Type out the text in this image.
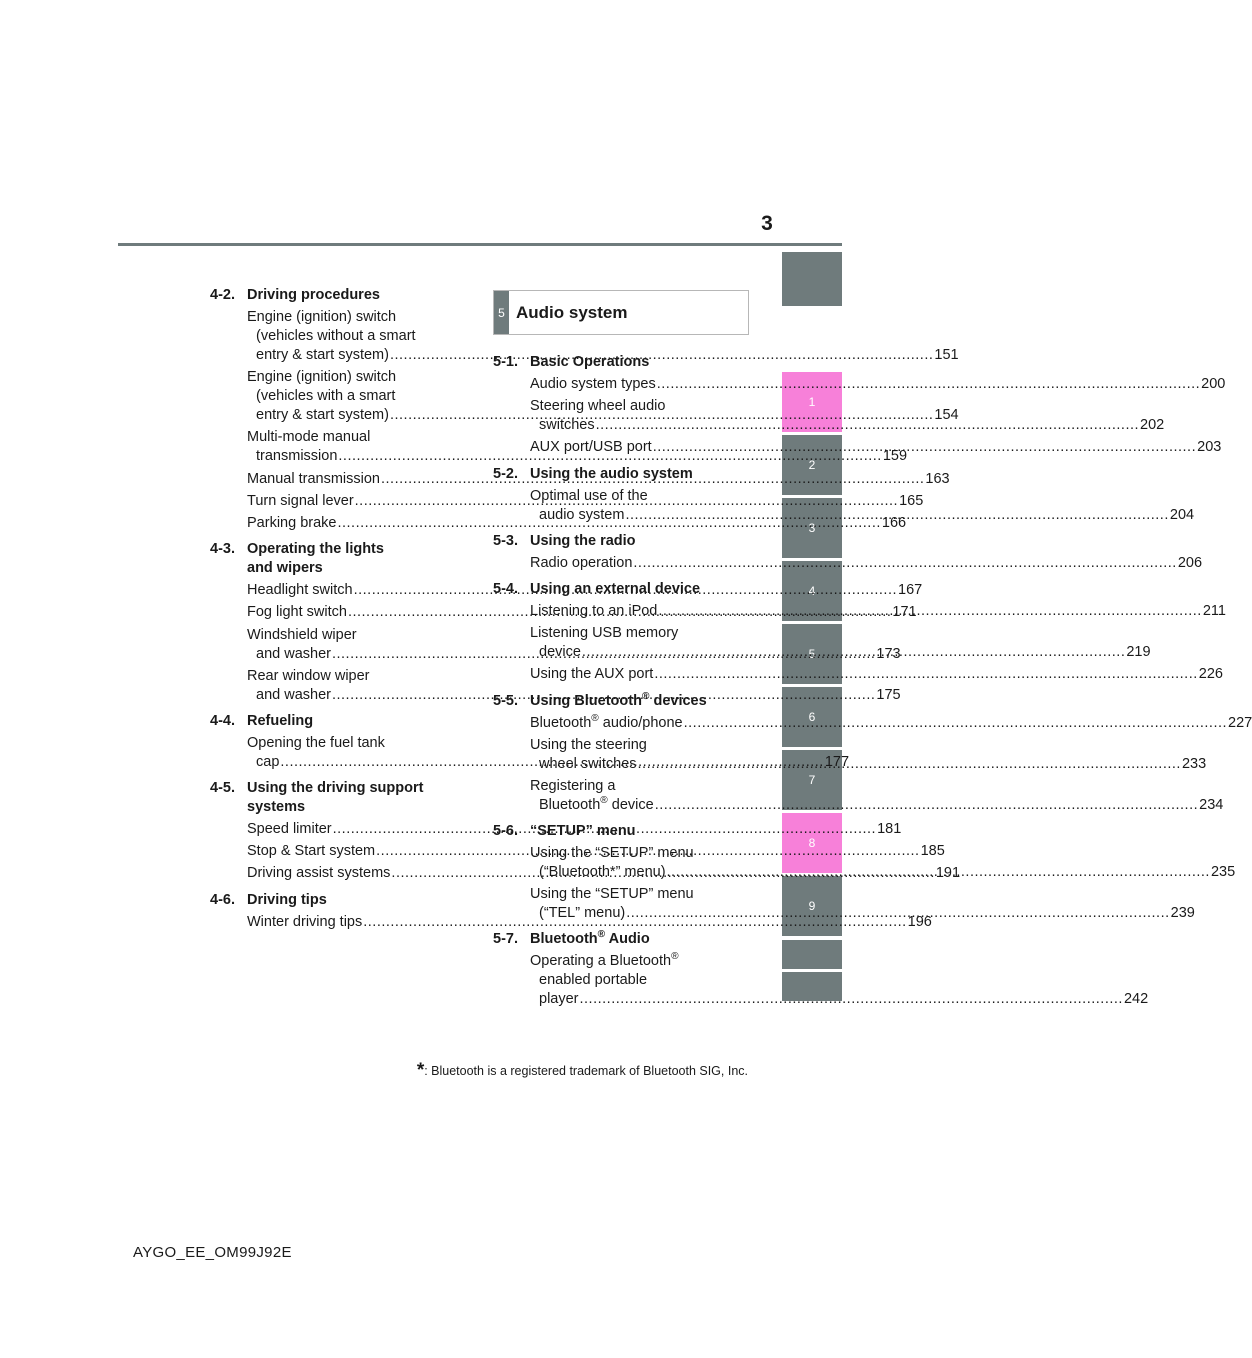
3
1
2
3
4
5
6
7
8
9
4-2. Driving procedures
Engine (ignition) switch
(vehicles without a smart
entry & start system) .....	151
Engine (ignition) switch
(vehicles with a smart
entry & start system) .....	154
Multi-mode manual
transmission .....	159
Manual transmission .....	163
Turn signal lever .....	165
Parking brake .....	166
4-3. Operating the lights
and wipers
Headlight switch .....	167
Fog light switch .....	171
Windshield wiper
and washer .....	173
Rear window wiper
and washer .....	175
4-4. Refueling
Opening the fuel tank
cap .....	177
4-5. Using the driving support
systems
Speed limiter .....	181
Stop & Start system .....	185
Driving assist systems .....	191
4-6. Driving tips
Winter driving tips .....	196
5 Audio system
5-1. Basic Operations
Audio system types .....	200
Steering wheel audio
switches .....	202
AUX port/USB port .....	203
5-2. Using the audio system
Optimal use of the
audio system .....	204
5-3. Using the radio
Radio operation .....	206
5-4. Using an external device
Listening to an iPod .....	211
Listening USB memory
device .....	219
Using the AUX port .....	226
5-5. Using Bluetooth® devices
Bluetooth® audio/phone .....	227
Using the steering
wheel switches .....	233
Registering a
Bluetooth® device .....	234
5-6. “SETUP” menu
Using the “SETUP” menu
(“Bluetooth*” menu) .....	235
Using the “SETUP” menu
(“TEL” menu) .....	239
5-7. Bluetooth® Audio
Operating a Bluetooth®
enabled portable
player .....	242
*: Bluetooth is a registered trademark of Bluetooth SIG, Inc.
AYGO_EE_OM99J92E
